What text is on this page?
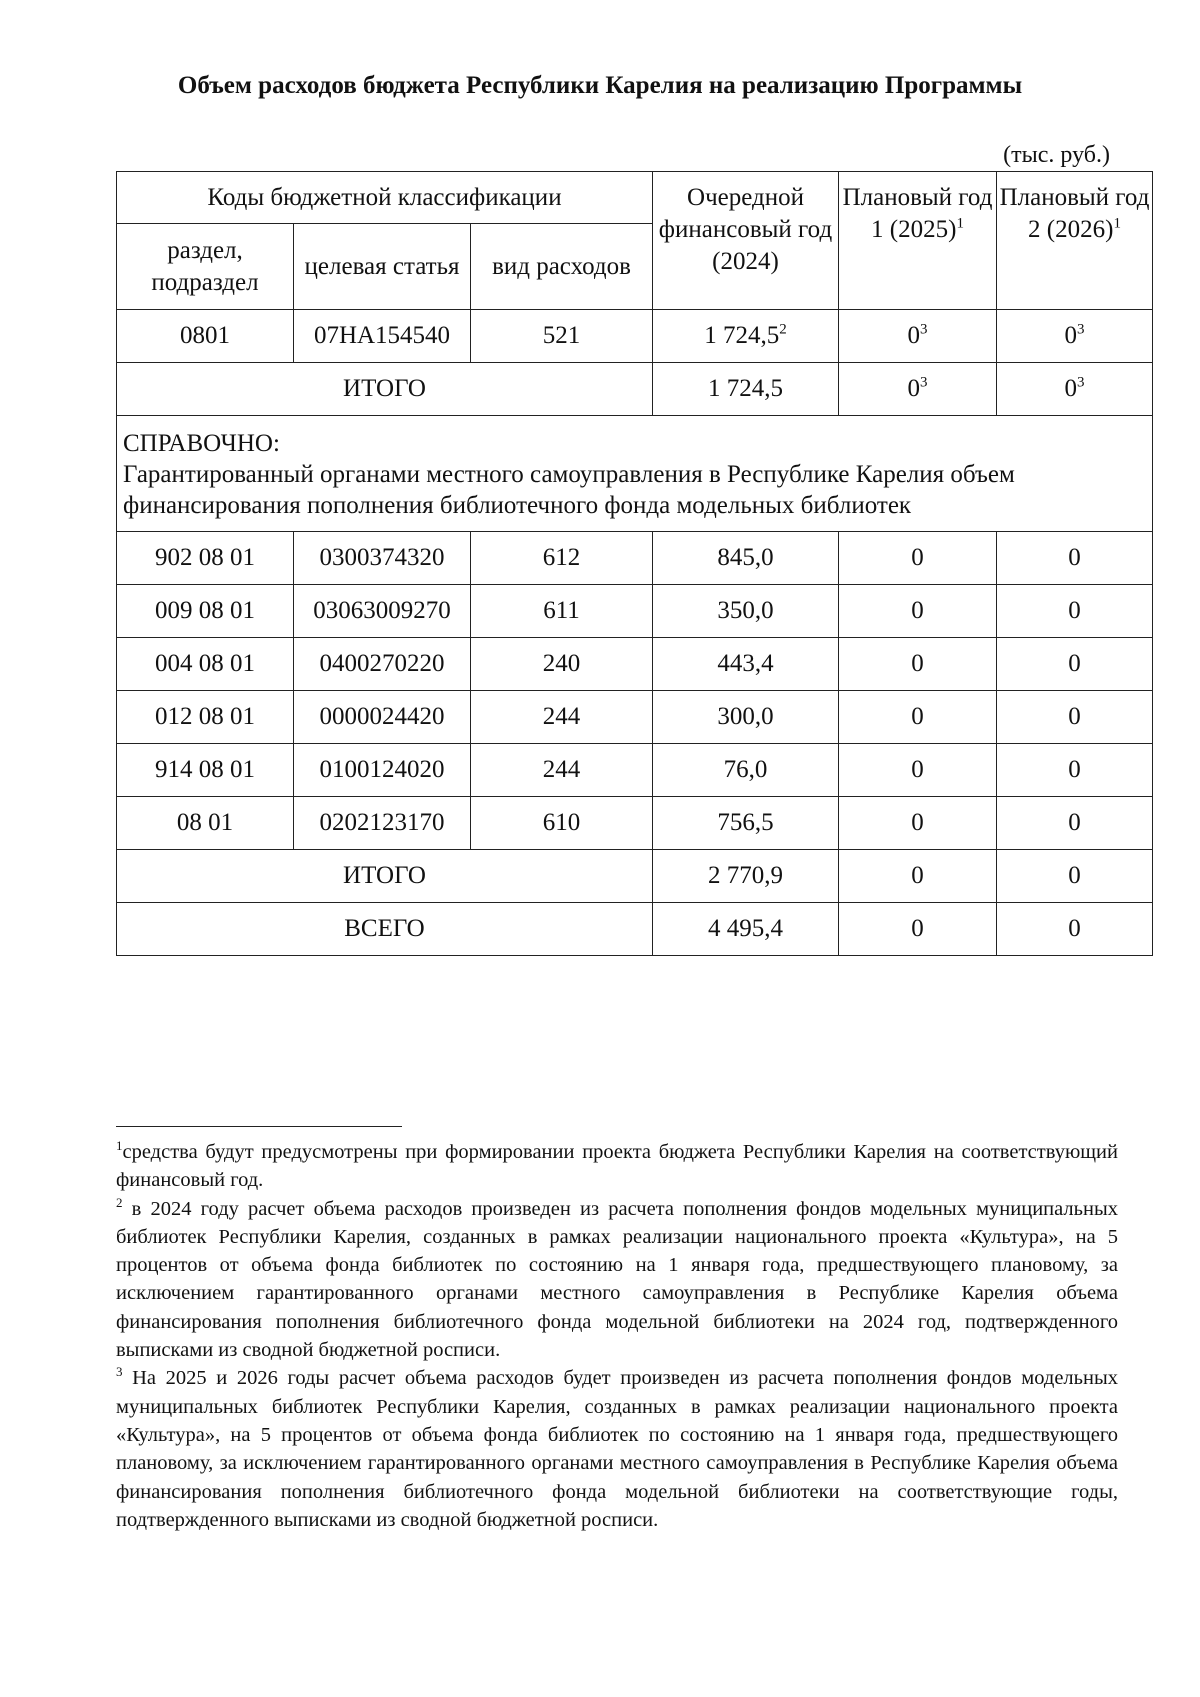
Объем расходов бюджета Республики Карелия на реализацию Программы
(тыс. руб.)
Коды бюджетной классификации			Очередной финансовый год (2024)	Плановый год 1 $(2025)^1$	Плановый год 2 $(2026)^1$
раздел, подраздел	целевая статья	вид расходов			
0801	07НА154540	521	1 724,5$^2$	$0^3$	$0^3$
ИТОГО			1 724,5	$0^3$	$0^3$

СПРАВОЧНО:
Гарантированный органами местного самоуправления в Республике Карелия объем финансирования пополнения библиотечного фонда модельных библиотек					

902 08 01	0300374320	612	845,0	0	0
009 08 01	03063009270	611	350,0	0	0
004 08 01	0400270220	240	443,4	0	0
012 08 01	0000024420	244	300,0	0	0
914 08 01	0100124020	244	76,0	0	0
08 01	0202123170	610	756,5	0	0
ИТОГО			2 770,9	0	0
ВСЕГО			4 495,4	0	0

$^1$средства будут предусмотрены при формировании проекта бюджета Республики Карелия на соответствующий финансовый год.

$^2$ в 2024 году расчет объема расходов произведен из расчета пополнения фондов модельных муниципальных библиотек Республики Карелия, созданных в рамках реализации национального проекта «Культура», на 5 процентов от объема фонда библиотек по состоянию на 1 января года, предшествующего плановому, за исключением гарантированного органами местного самоуправления в Республике Карелия объема финансирования пополнения библиотечного фонда модельной библиотеки на 2024 год, подтвержденного выписками из сводной бюджетной росписи.

$^3$ На 2025 и 2026 годы расчет объема расходов будет произведен из расчета пополнения фондов модельных муниципальных библиотек Республики Карелия, созданных в рамках реализации национального проекта «Культура», на 5 процентов от объема фонда библиотек по состоянию на 1 января года, предшествующего плановому, за исключением гарантированного органами местного самоуправления в Республике Карелия объема финансирования пополнения библиотечного фонда модельной библиотеки на соответствующие годы, подтвержденного выписками из сводной бюджетной росписи.
